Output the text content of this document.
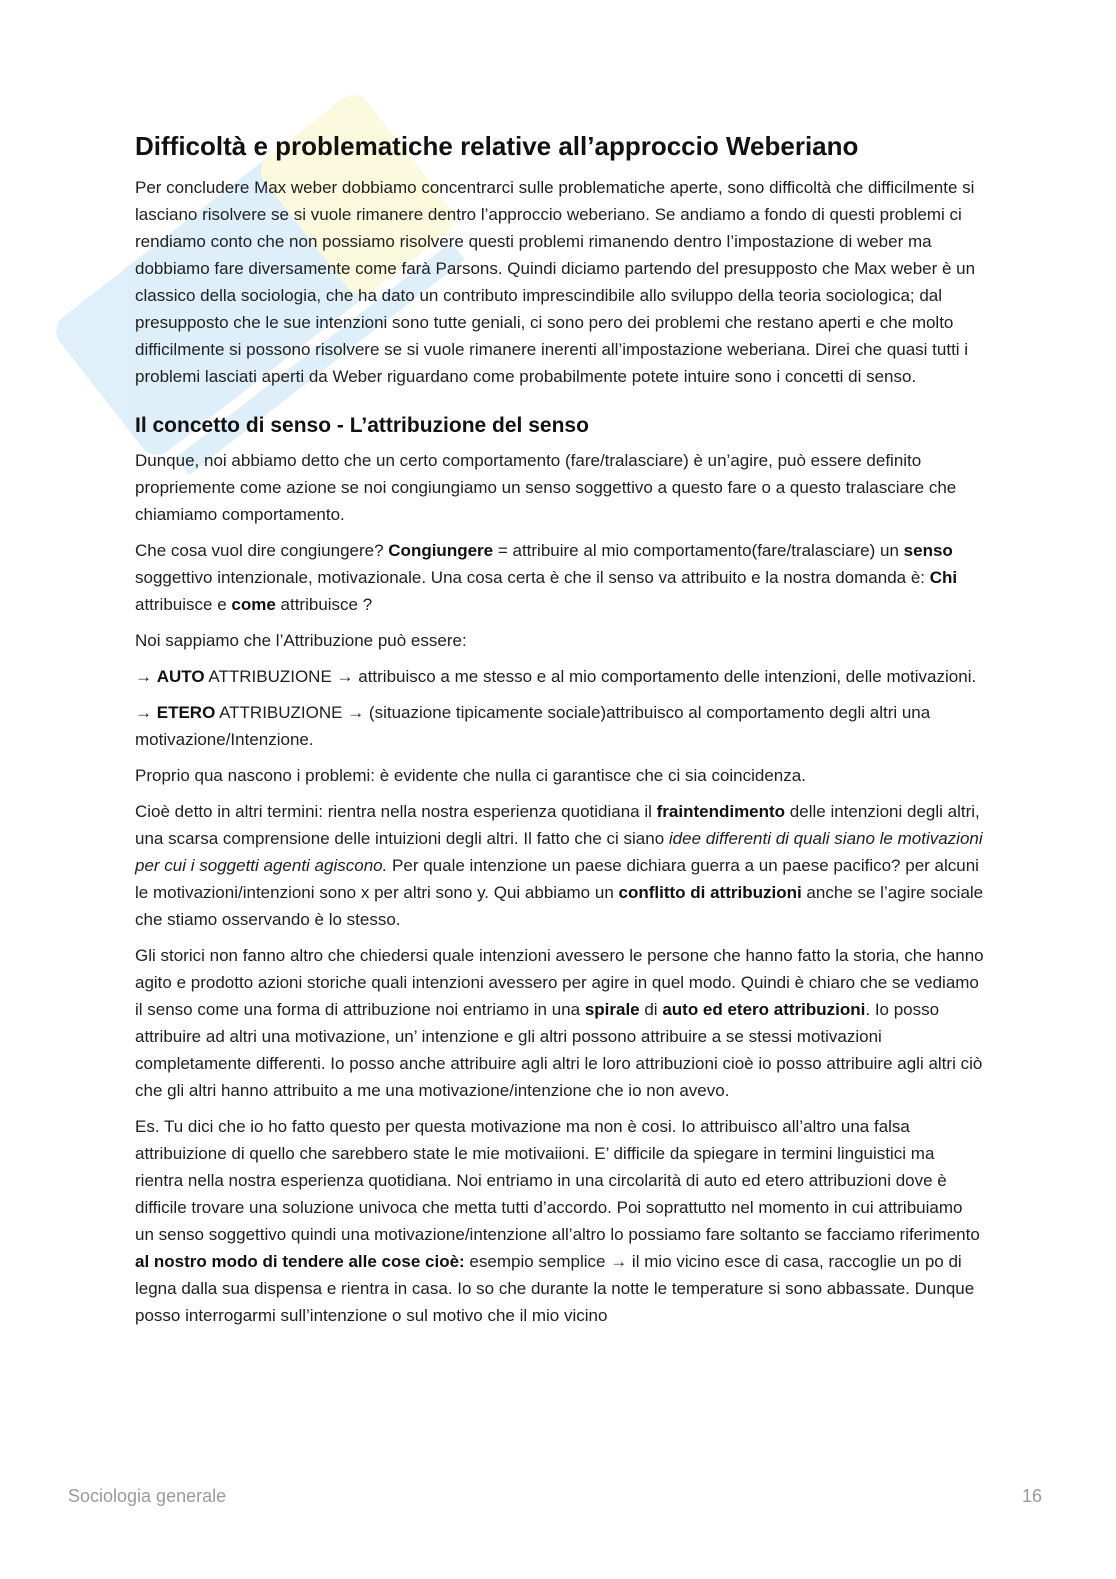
Difficoltà e problematiche relative all’approccio Weberiano

Per concludere Max weber dobbiamo concentrarci sulle problematiche aperte, sono difficoltà che difficilmente si lasciano risolvere se si vuole rimanere dentro l’approccio weberiano. Se andiamo a fondo di questi problemi ci rendiamo conto che non possiamo risolvere questi problemi rimanendo dentro l’impostazione di weber ma dobbiamo fare diversamente come farà Parsons. Quindi diciamo partendo del presupposto che Max weber è un classico della sociologia, che ha dato un contributo imprescindibile allo sviluppo della teoria sociologica; dal presupposto che le sue intenzioni sono tutte geniali, ci sono pero dei problemi che restano aperti e che molto difficilmente si possono risolvere se si vuole rimanere inerenti all’impostazione weberiana. Direi che quasi tutti i problemi lasciati aperti da Weber riguardano come probabilmente potete intuire sono i concetti di senso.

Il concetto di senso - L’attribuzione del senso

Dunque, noi abbiamo detto che un certo comportamento (fare/tralasciare) è un’agire, può essere definito propriemente come azione se noi congiungiamo un senso soggettivo a questo fare o a questo tralasciare che chiamiamo comportamento.

Che cosa vuol dire congiungere? Congiungere = attribuire al mio comportamento(fare/tralasciare) un senso soggettivo intenzionale, motivazionale. Una cosa certa è che il senso va attribuito e la nostra domanda è: Chi attribuisce e come attribuisce ?

Noi sappiamo che l’Attribuzione può essere:

→ AUTO ATTRIBUZIONE → attribuisco a me stesso e al mio comportamento delle intenzioni, delle motivazioni.

→ ETERO ATTRIBUZIONE → (situazione tipicamente sociale)attribuisco al comportamento degli altri una motivazione/Intenzione.

Proprio qua nascono i problemi: è evidente che nulla ci garantisce che ci sia coincidenza.

Cioè detto in altri termini: rientra nella nostra esperienza quotidiana il fraintendimento delle intenzioni degli altri, una scarsa comprensione delle intuizioni degli altri. Il fatto che ci siano idee differenti di quali siano le motivazioni per cui i soggetti agenti agiscono. Per quale intenzione un paese dichiara guerra a un paese pacifico? per alcuni le motivazioni/intenzioni sono x per altri sono y. Qui abbiamo un conflitto di attribuzioni anche se l’agire sociale che stiamo osservando è lo stesso.

Gli storici non fanno altro che chiedersi quale intenzioni avessero le persone che hanno fatto la storia, che hanno agito e prodotto azioni storiche quali intenzioni avessero per agire in quel modo. Quindi è chiaro che se vediamo il senso come una forma di attribuzione noi entriamo in una spirale di auto ed etero attribuzioni. Io posso attribuire ad altri una motivazione, un’ intenzione e gli altri possono attribuire a se stessi motivazioni completamente differenti. Io posso anche attribuire agli altri le loro attribuzioni cioè io posso attribuire agli altri ciò che gli altri hanno attribuito a me una motivazione/intenzione che io non avevo.

Es. Tu dici che io ho fatto questo per questa motivazione ma non è cosi. Io attribuisco all’altro una falsa attribuizione di quello che sarebbero state le mie motivaiioni. E’ difficile da spiegare in termini linguistici ma rientra nella nostra esperienza quotidiana. Noi entriamo in una circolarità di auto ed etero attribuzioni dove è difficile trovare una soluzione univoca che metta tutti d’accordo. Poi soprattutto nel momento in cui attribuiamo un senso soggettivo quindi una motivazione/intenzione all’altro lo possiamo fare soltanto se facciamo riferimento al nostro modo di tendere alle cose cioè: esempio semplice → il mio vicino esce di casa, raccoglie un po di legna dalla sua dispensa e rientra in casa. Io so che durante la notte le temperature si sono abbassate. Dunque posso interrogarmi sull’intenzione o sul motivo che il mio vicino

Sociologia generale	16
